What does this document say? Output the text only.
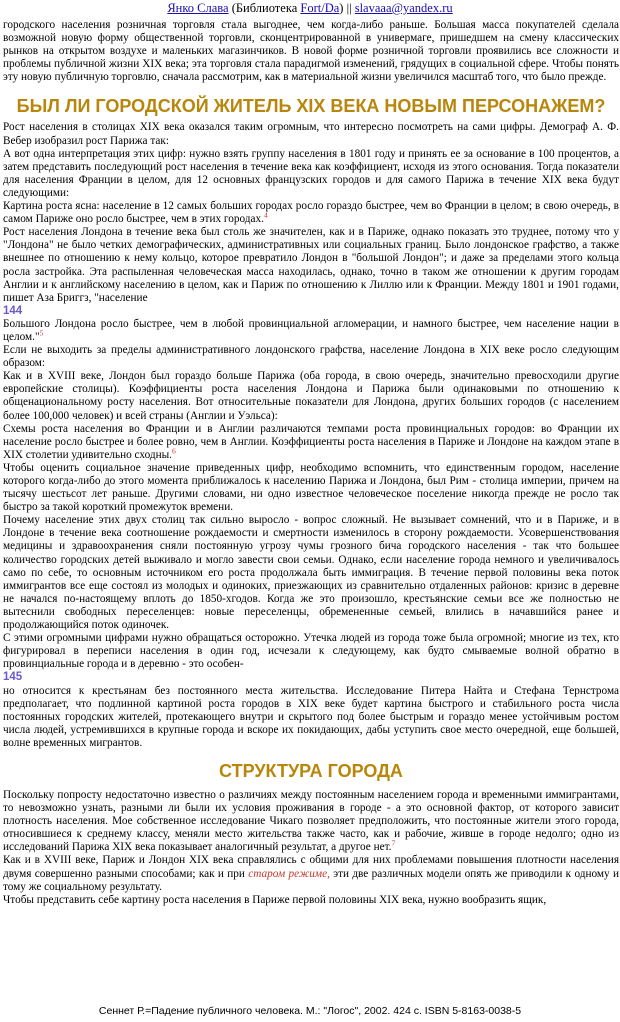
Янко Слава (Библиотека Fort/Da) || slavaaa@yandex.ru

городского населения розничная торговля стала выгоднее, чем когда-либо раньше. Большая масса покупателей сделала возможной новую форму общественной торговли, сконцентрированной в универмаге, пришедшем на смену классических рынков на открытом воздухе и маленьких магазинчиков. В новой форме розничной торговли проявились все сложности и проблемы публичной жизни XIX века; эта торговля стала парадигмой изменений, грядущих в социальной сфере. Чтобы понять эту новую публичную торговлю, сначала рассмотрим, как в материальной жизни увеличился масштаб того, что было прежде.

БЫЛ ЛИ ГОРОДСКОЙ ЖИТЕЛЬ XIX ВЕКА НОВЫМ ПЕРСОНАЖЕМ?

Рост населения в столицах XIX века оказался таким огромным, что интересно посмотреть на сами цифры. Демограф А. Ф. Вебер изобразил рост Парижа так:

А вот одна интерпретация этих цифр: нужно взять группу населения в 1801 году и принять ее за основание в 100 процентов, а затем представить последующий рост населения в течение века как коэффициент, исходя из этого основания. Тогда показатели для населения Франции в целом, для 12 основных французских городов и для самого Парижа в течение XIX века будут следующими:

Картина роста ясна: население в 12 самых больших городах росло гораздо быстрее, чем во Франции в целом; в свою очередь, в самом Париже оно росло быстрее, чем в этих городах.$^4$

Рост населения Лондона в течение века был столь же значителен, как и в Париже, однако показать это труднее, потому что у "Лондона" не было четких демографических, административных или социальных границ. Было лондонское графство, а также внешнее по отношению к нему кольцо, которое превратило Лондон в "большой Лондон"; и даже за пределами этого кольца росла застройка. Эта распыленная человеческая масса находилась, однако, точно в таком же отношении к другим городам Англии и к английскому населению в целом, как и Париж по отношению к Лиллю или к Франции. Между 1801 и 1901 годами, пишет Аза Бриггз, "население

144

Большого Лондона росло быстрее, чем в любой провинциальной агломерации, и намного быстрее, чем население нации в целом."$^5$

Если не выходить за пределы административного лондонского графства, население Лондона в XIX веке росло следующим образом:

Как и в XVIII веке, Лондон был гораздо больше Парижа (оба города, в свою очередь, значительно превосходили другие европейские столицы). Коэффициенты роста населения Лондона и Парижа были одинаковыми по отношению к общенациональному росту населения. Вот относительные показатели для Лондона, других больших городов (с населением более 100,000 человек) и всей страны (Англии и Уэльса):

Схемы роста населения во Франции и в Англии различаются темпами роста провинциальных городов: во Франции их население росло быстрее и более ровно, чем в Англии. Коэффициенты роста населения в Париже и Лондоне на каждом этапе в XIX столетии удивительно сходны.$^6$

Чтобы оценить социальное значение приведенных цифр, необходимо вспомнить, что единственным городом, население которого когда-либо до этого момента приближалось к населению Парижа и Лондона, был Рим - столица империи, причем на тысячу шестьсот лет раньше. Другими словами, ни одно известное человеческое поселение никогда прежде не росло так быстро за такой короткий промежуток времени.

Почему население этих двух столиц так сильно выросло - вопрос сложный. Не вызывает сомнений, что и в Париже, и в Лондоне в течение века соотношение рождаемости и смертности изменилось в сторону рождаемости. Усовершенствования медицины и здравоохранения сняли постоянную угрозу чумы грозного бича городского населения - так что большее количество городских детей выживало и могло завести свои семьи. Однако, если население города немного и увеличивалось само по себе, то основным источником его роста продолжала быть иммиграция. В течение первой половины века поток иммигрантов все еще состоял из молодых и одиноких, приезжающих из сравнительно отдаленных районов: кризис в деревне не начался по-настоящему вплоть до 1850-хгодов. Когда же это произошло, крестьянские семьи все же полностью не вытеснили свободных переселенцев: новые переселенцы, обремененные семьей, влились в начавшийся ранее и продолжающийся поток одиночек.

С этими огромными цифрами нужно обращаться осторожно. Утечка людей из города тоже была огромной; многие из тех, кто фигурировал в переписи населения в один год, исчезали к следующему, как будто смываемые волной обратно в провинциальные города и в деревню - это особен-

145

но относится к крестьянам без постоянного места жительства. Исследование Питера Найта и Стефана Тернстрома предполагает, что подлинной картиной роста городов в XIX веке будет картина быстрого и стабильного роста числа постоянных городских жителей, протекающего внутри и скрытого под более быстрым и гораздо менее устойчивым ростом числа людей, устремившихся в крупные города и вскоре их покидающих, дабы уступить свое место очередной, еще большей, волне временных мигрантов.

СТРУКТУРА ГОРОДА

Поскольку попросту недостаточно известно о различиях между постоянным населением города и временными иммигрантами, то невозможно узнать, разными ли были их условия проживания в городе - а это основной фактор, от которого зависит плотность населения. Мое собственное исследование Чикаго позволяет предположить, что постоянные жители этого города, относившиеся к среднему классу, меняли место жительства также часто, как и рабочие, живше в городе недолго; одно из исследований Парижа XIX века показывает аналогичный результат, а другое нет.$^7$

Как и в XVIII веке, Париж и Лондон XIX века справлялись с общими для них проблемами повышения плотности населения двумя совершенно разными способами; как и при старом режиме, эти две различных модели опять же приводили к одному и тому же социальному результату.

Чтобы представить себе картину роста населения в Париже первой половины XIX века, нужно вообразить ящик,

Сеннет Р.=Падение публичного человека. М.: "Логос", 2002. 424 с. ISBN 5-8163-0038-5
